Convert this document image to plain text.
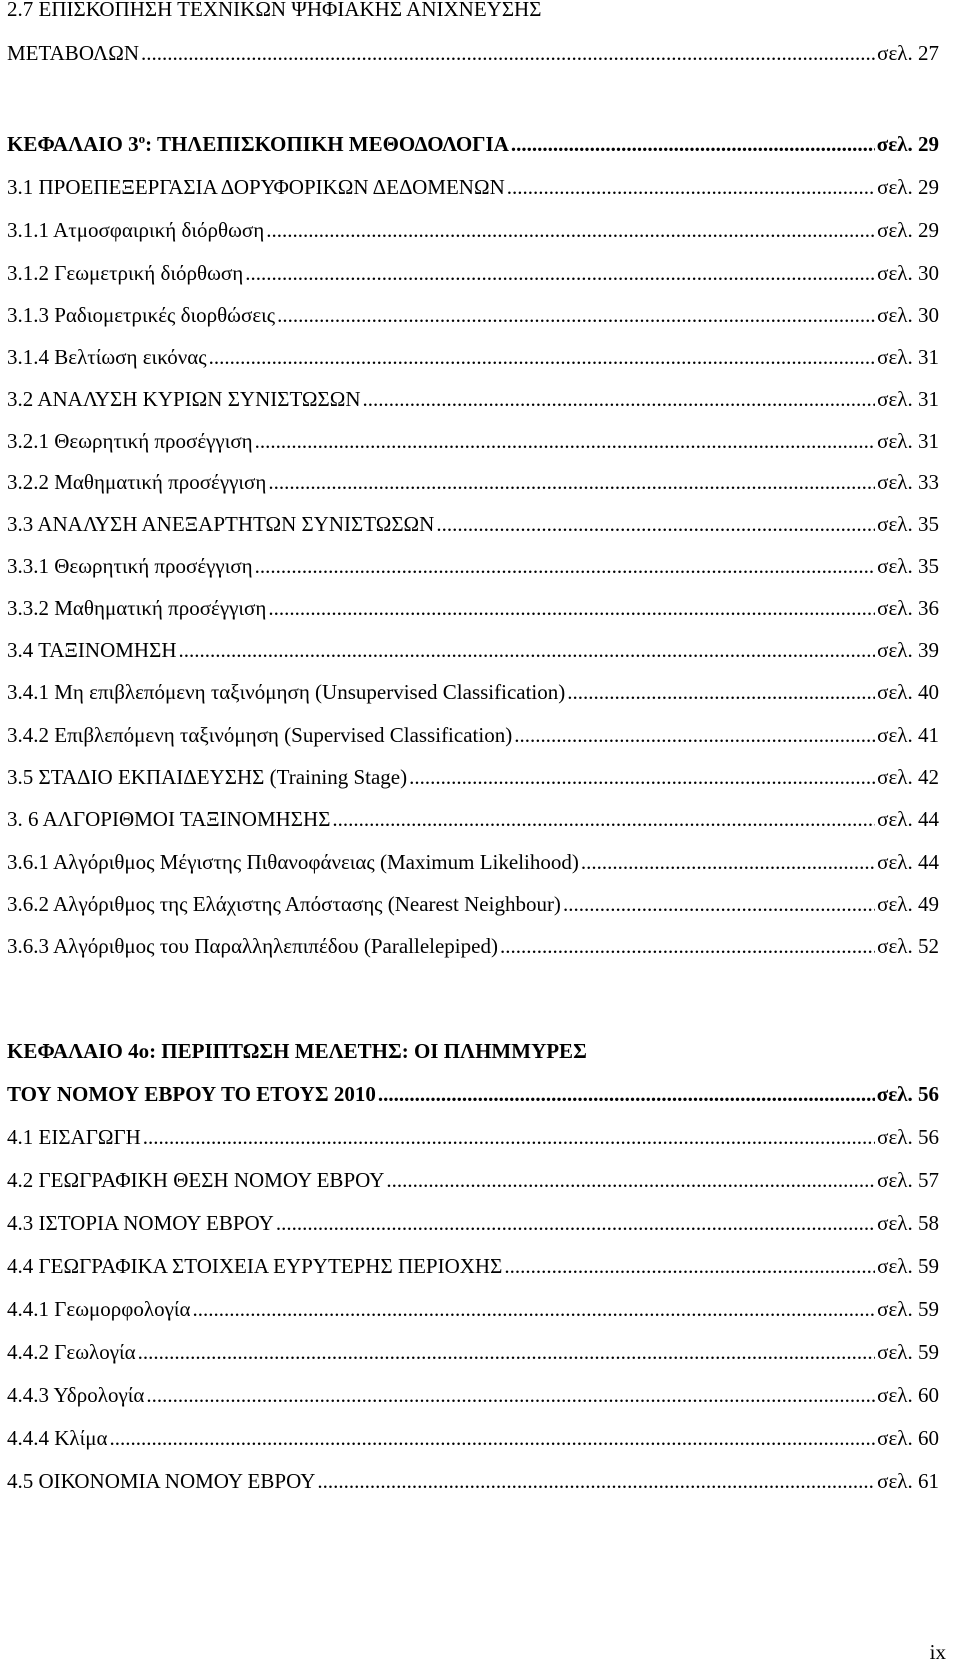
2.7 ΕΠΙΣΚΟΠΗΣΗ ΤΕΧΝΙΚΩΝ ΨΗΦΙΑΚΗΣ ΑΝΙΧΝΕΥΣΗΣ
ΜΕΤΑΒΟΛΩΝ .....	σελ. 27
ΚΕΦΑΛΑΙΟ $3^o$: ΤΗΛΕΠΙΣΚΟΠΙΚΗ ΜΕΘΟΔΟΛΟΓΙΑ .....	σελ. 29
3.1 ΠΡΟΕΠΕΞΕΡΓΑΣΙΑ ΔΟΡΥΦΟΡΙΚΩΝ ΔΕΔΟΜΕΝΩΝ .....	σελ. 29
3.1.1 Ατμοσφαιρική διόρθωση .....	σελ. 29
3.1.2 Γεωμετρική διόρθωση .....	σελ. 30
3.1.3 Ραδιομετρικές διορθώσεις .....	σελ. 30
3.1.4 Βελτίωση εικόνας .....	σελ. 31
3.2 ΑΝΑΛΥΣΗ ΚΥΡΙΩΝ ΣΥΝΙΣΤΩΣΩΝ .....	σελ. 31
3.2.1 Θεωρητική προσέγγιση .....	σελ. 31
3.2.2 Μαθηματική προσέγγιση .....	σελ. 33
3.3 ΑΝΑΛΥΣΗ ΑΝΕΞΑΡΤΗΤΩΝ ΣΥΝΙΣΤΩΣΩΝ .....	σελ. 35
3.3.1 Θεωρητική προσέγγιση .....	σελ. 35
3.3.2 Μαθηματική προσέγγιση .....	σελ. 36
3.4 ΤΑΞΙΝΟΜΗΣΗ .....	σελ. 39
3.4.1 Μη επιβλεπόμενη ταξινόμηση (Unsupervised Classification) .....	σελ. 40
3.4.2 Επιβλεπόμενη ταξινόμηση (Supervised Classification) .....	σελ. 41
3.5 ΣΤΑΔΙΟ ΕΚΠΑΙΔΕΥΣΗΣ (Training Stage) .....	σελ. 42
3. 6 ΑΛΓΟΡΙΘΜΟΙ ΤΑΞΙΝΟΜΗΣΗΣ .....	σελ. 44
3.6.1 Αλγόριθμος Μέγιστης Πιθανοφάνειας (Maximum Likelihood) .....	σελ. 44
3.6.2 Αλγόριθμος της Ελάχιστης Απόστασης (Nearest Neighbour) .....	σελ. 49
3.6.3 Αλγόριθμος του Παραλληλεπιπέδου (Parallelepiped) .....	σελ. 52
ΚΕΦΑΛΑΙΟ 4ο: ΠΕΡΙΠΤΩΣΗ ΜΕΛΕΤΗΣ: ΟΙ ΠΛΗΜΜΥΡΕΣ
ΤΟΥ ΝΟΜΟΥ ΕΒΡΟΥ ΤΟ ΕΤΟΥΣ 2010 .....	σελ. 56
4.1 ΕΙΣΑΓΩΓΗ .....	σελ. 56
4.2 ΓΕΩΓΡΑΦΙΚΗ ΘΕΣΗ ΝΟΜΟΥ ΕΒΡΟΥ .....	σελ. 57
4.3 ΙΣΤΟΡΙΑ ΝΟΜΟΥ ΕΒΡΟΥ .....	σελ. 58
4.4 ΓΕΩΓΡΑΦΙΚΑ ΣΤΟΙΧΕΙΑ ΕΥΡΥΤΕΡΗΣ ΠΕΡΙΟΧΗΣ .....	σελ. 59
4.4.1 Γεωμορφολογία .....	σελ. 59
4.4.2 Γεωλογία .....	σελ. 59
4.4.3 Υδρολογία .....	σελ. 60
4.4.4 Κλίμα .....	σελ. 60
4.5 ΟΙΚΟΝΟΜΙΑ ΝΟΜΟΥ ΕΒΡΟΥ .....	σελ. 61
ix
